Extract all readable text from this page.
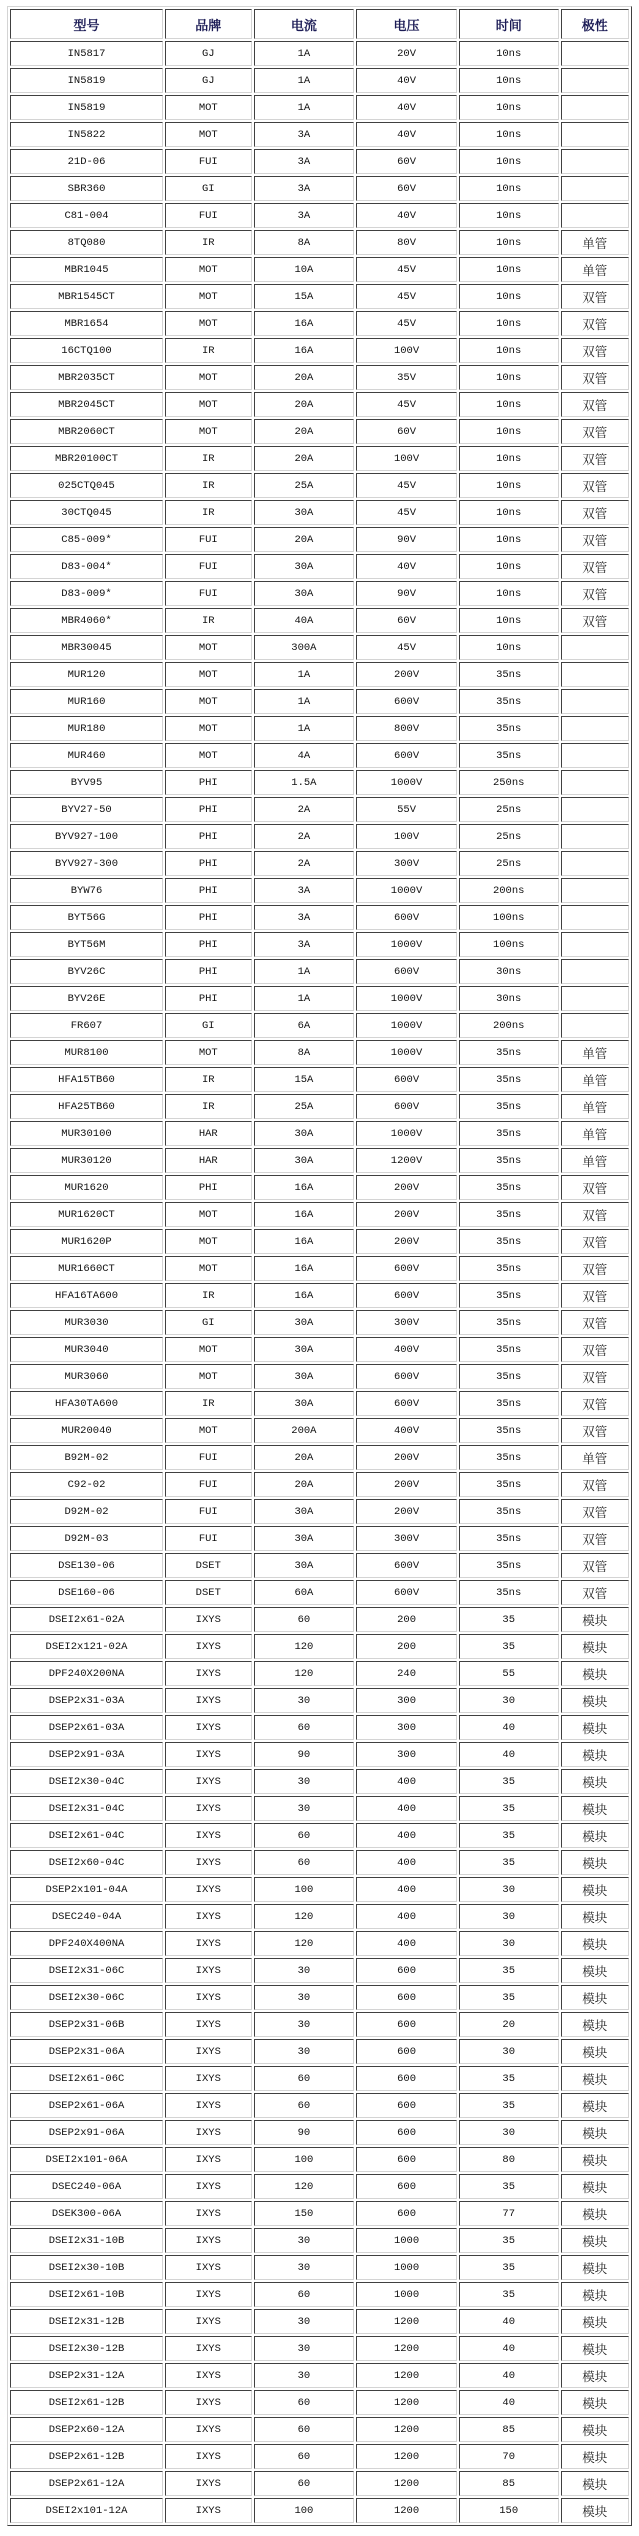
型号	品牌	电流	电压	时间	极性
IN5817	GJ	1A	20V	10ns	
IN5819	GJ	1A	40V	10ns	
IN5819	MOT	1A	40V	10ns	
IN5822	MOT	3A	40V	10ns	
21D-06	FUI	3A	60V	10ns	
SBR360	GI	3A	60V	10ns	
C81-004	FUI	3A	40V	10ns	
8TQ080	IR	8A	80V	10ns	单管
MBR1045	MOT	10A	45V	10ns	单管
MBR1545CT	MOT	15A	45V	10ns	双管
MBR1654	MOT	16A	45V	10ns	双管
16CTQ100	IR	16A	100V	10ns	双管
MBR2035CT	MOT	20A	35V	10ns	双管
MBR2045CT	MOT	20A	45V	10ns	双管
MBR2060CT	MOT	20A	60V	10ns	双管
MBR20100CT	IR	20A	100V	10ns	双管
025CTQ045	IR	25A	45V	10ns	双管
30CTQ045	IR	30A	45V	10ns	双管
C85-009*	FUI	20A	90V	10ns	双管
D83-004*	FUI	30A	40V	10ns	双管
D83-009*	FUI	30A	90V	10ns	双管
MBR4060*	IR	40A	60V	10ns	双管
MBR30045	MOT	300A	45V	10ns	
MUR120	MOT	1A	200V	35ns	
MUR160	MOT	1A	600V	35ns	
MUR180	MOT	1A	800V	35ns	
MUR460	MOT	4A	600V	35ns	
BYV95	PHI	1.5A	1000V	250ns	
BYV27-50	PHI	2A	55V	25ns	
BYV927-100	PHI	2A	100V	25ns	
BYV927-300	PHI	2A	300V	25ns	
BYW76	PHI	3A	1000V	200ns	
BYT56G	PHI	3A	600V	100ns	
BYT56M	PHI	3A	1000V	100ns	
BYV26C	PHI	1A	600V	30ns	
BYV26E	PHI	1A	1000V	30ns	
FR607	GI	6A	1000V	200ns	
MUR8100	MOT	8A	1000V	35ns	单管
HFA15TB60	IR	15A	600V	35ns	单管
HFA25TB60	IR	25A	600V	35ns	单管
MUR30100	HAR	30A	1000V	35ns	单管
MUR30120	HAR	30A	1200V	35ns	单管
MUR1620	PHI	16A	200V	35ns	双管
MUR1620CT	MOT	16A	200V	35ns	双管
MUR1620P	MOT	16A	200V	35ns	双管
MUR1660CT	MOT	16A	600V	35ns	双管
HFA16TA600	IR	16A	600V	35ns	双管
MUR3030	GI	30A	300V	35ns	双管
MUR3040	MOT	30A	400V	35ns	双管
MUR3060	MOT	30A	600V	35ns	双管
HFA30TA600	IR	30A	600V	35ns	双管
MUR20040	MOT	200A	400V	35ns	双管
B92M-02	FUI	20A	200V	35ns	单管
C92-02	FUI	20A	200V	35ns	双管
D92M-02	FUI	30A	200V	35ns	双管
D92M-03	FUI	30A	300V	35ns	双管
DSE130-06	DSET	30A	600V	35ns	双管
DSE160-06	DSET	60A	600V	35ns	双管
DSEI2x61-02A	IXYS	60	200	35	模块
DSEI2x121-02A	IXYS	120	200	35	模块
DPF240X200NA	IXYS	120	240	55	模块
DSEP2x31-03A	IXYS	30	300	30	模块
DSEP2x61-03A	IXYS	60	300	40	模块
DSEP2x91-03A	IXYS	90	300	40	模块
DSEI2x30-04C	IXYS	30	400	35	模块
DSEI2x31-04C	IXYS	30	400	35	模块
DSEI2x61-04C	IXYS	60	400	35	模块
DSEI2x60-04C	IXYS	60	400	35	模块
DSEP2x101-04A	IXYS	100	400	30	模块
DSEC240-04A	IXYS	120	400	30	模块
DPF240X400NA	IXYS	120	400	30	模块
DSEI2x31-06C	IXYS	30	600	35	模块
DSEI2x30-06C	IXYS	30	600	35	模块
DSEP2x31-06B	IXYS	30	600	20	模块
DSEP2x31-06A	IXYS	30	600	30	模块
DSEI2x61-06C	IXYS	60	600	35	模块
DSEP2x61-06A	IXYS	60	600	35	模块
DSEP2x91-06A	IXYS	90	600	30	模块
DSEI2x101-06A	IXYS	100	600	80	模块
DSEC240-06A	IXYS	120	600	35	模块
DSEK300-06A	IXYS	150	600	77	模块
DSEI2x31-10B	IXYS	30	1000	35	模块
DSEI2x30-10B	IXYS	30	1000	35	模块
DSEI2x61-10B	IXYS	60	1000	35	模块
DSEI2x31-12B	IXYS	30	1200	40	模块
DSEI2x30-12B	IXYS	30	1200	40	模块
DSEP2x31-12A	IXYS	30	1200	40	模块
DSEI2x61-12B	IXYS	60	1200	40	模块
DSEP2x60-12A	IXYS	60	1200	85	模块
DSEP2x61-12B	IXYS	60	1200	70	模块
DSEP2x61-12A	IXYS	60	1200	85	模块
DSEI2x101-12A	IXYS	100	1200	150	模块
